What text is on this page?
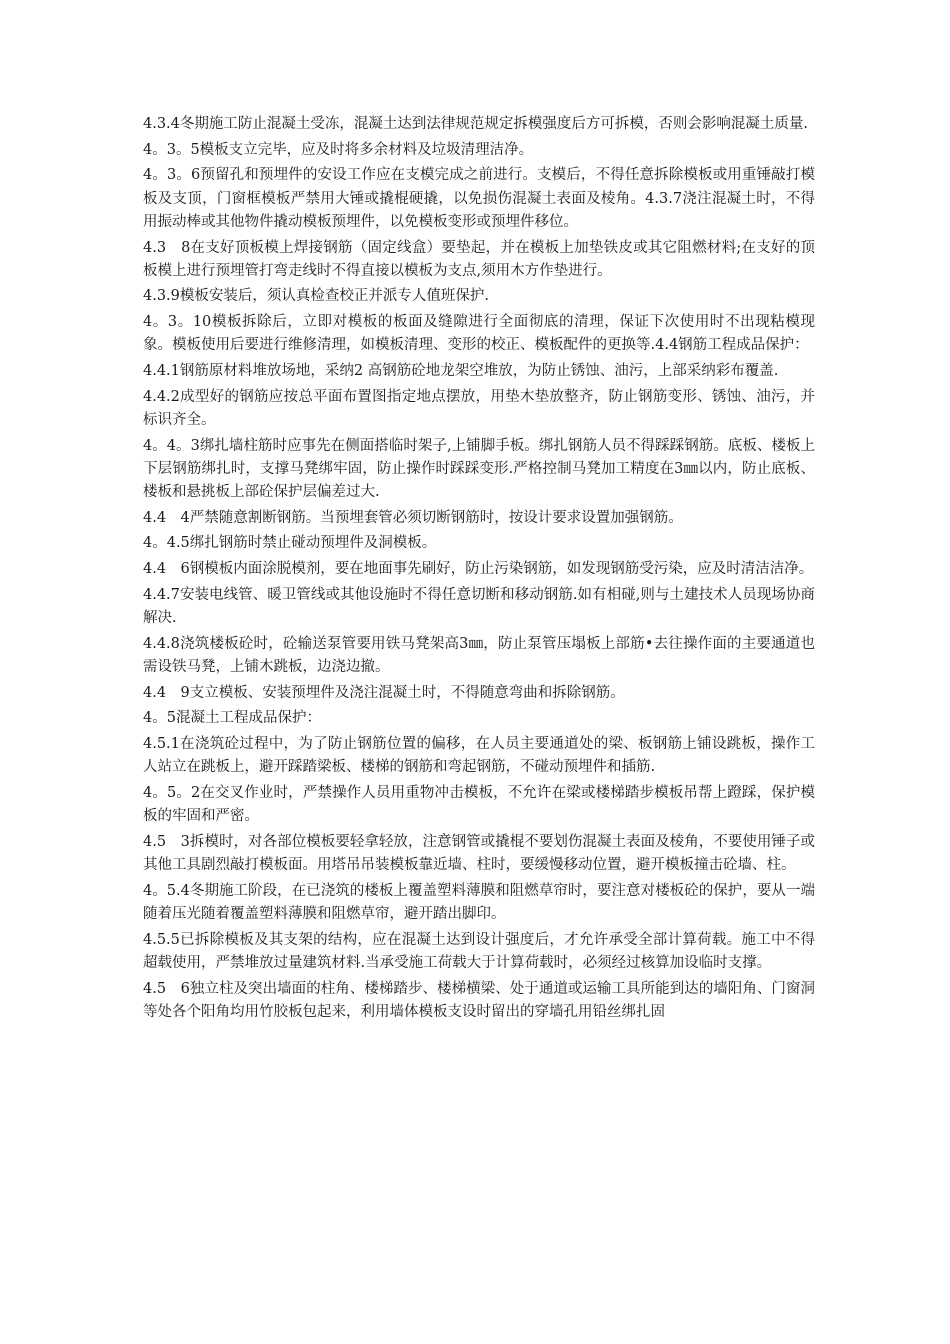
4.3.4冬期施工防止混凝土受冻，混凝土达到法律规范规定拆模强度后方可拆模，否则会影响混凝土质量.

4。3。5模板支立完毕，应及时将多余材料及垃圾清理洁净。

4。3。6预留孔和预埋件的安设工作应在支模完成之前进行。支模后，不得任意拆除模板或用重锤敲打模板及支顶，门窗框模板严禁用大锤或撬棍硬撬，以免损伤混凝土表面及棱角。4.3.7浇注混凝土时，不得用振动棒或其他物件撬动模板预埋件，以免模板变形或预埋件移位。

4.3　8在支好顶板模上焊接钢筋（固定线盒）要垫起，并在模板上加垫铁皮或其它阻燃材料;在支好的顶板模上进行预埋管打弯走线时不得直接以模板为支点,须用木方作垫进行。

4.3.9模板安装后，须认真检查校正并派专人值班保护.

4。3。10模板拆除后，立即对模板的板面及缝隙进行全面彻底的清理，保证下次使用时不出现粘模现象。模板使用后要进行维修清理，如模板清理、变形的校正、模板配件的更换等.4.4钢筋工程成品保护：

4.4.1钢筋原材料堆放场地，采纳2 高钢筋砼地龙架空堆放，为防止锈蚀、油污，上部采纳彩布覆盖.

4.4.2成型好的钢筋应按总平面布置图指定地点摆放，用垫木垫放整齐，防止钢筋变形、锈蚀、油污，并标识齐全。

4。4。3绑扎墙柱筋时应事先在侧面搭临时架子,上铺脚手板。绑扎钢筋人员不得踩踩钢筋。底板、楼板上下层钢筋绑扎时，支撑马凳绑牢固，防止操作时踩踩变形.严格控制马凳加工精度在3㎜以内，防止底板、楼板和悬挑板上部砼保护层偏差过大.

4.4　4严禁随意割断钢筋。当预埋套管必须切断钢筋时，按设计要求设置加强钢筋。

4。4.5绑扎钢筋时禁止碰动预埋件及洞模板。

4.4　6钢模板内面涂脱模剂，要在地面事先刷好，防止污染钢筋，如发现钢筋受污染，应及时清洁洁净。

4.4.7安装电线管、暖卫管线或其他设施时不得任意切断和移动钢筋.如有相碰,则与土建技术人员现场协商解决.

4.4.8浇筑楼板砼时，砼输送泵管要用铁马凳架高3㎜，防止泵管压塌板上部筋•去往操作面的主要通道也需设铁马凳，上铺木跳板，边浇边撤。

4.4　9支立模板、安装预埋件及浇注混凝土时，不得随意弯曲和拆除钢筋。

4。5混凝土工程成品保护：

4.5.1在浇筑砼过程中，为了防止钢筋位置的偏移，在人员主要通道处的梁、板钢筋上铺设跳板，操作工人站立在跳板上，避开踩踏梁板、楼梯的钢筋和弯起钢筋，不碰动预埋件和插筋.

4。5。2在交叉作业时，严禁操作人员用重物冲击模板，不允许在梁或楼梯踏步模板吊帮上蹬踩，保护模板的牢固和严密。

4.5　3拆模时，对各部位模板要轻拿轻放，注意钢管或撬棍不要划伤混凝土表面及棱角，不要使用锤子或其他工具剧烈敲打模板面。用塔吊吊装模板靠近墙、柱时，要缓慢移动位置，避开模板撞击砼墙、柱。

4。5.4冬期施工阶段，在已浇筑的楼板上覆盖塑料薄膜和阻燃草帘时，要注意对楼板砼的保护，要从一端随着压光随着覆盖塑料薄膜和阻燃草帘，避开踏出脚印。

4.5.5已拆除模板及其支架的结构，应在混凝土达到设计强度后，才允许承受全部计算荷载。施工中不得超载使用，严禁堆放过量建筑材料.当承受施工荷载大于计算荷载时，必须经过核算加设临时支撑。

4.5　6独立柱及突出墙面的柱角、楼梯踏步、楼梯横梁、处于通道或运输工具所能到达的墙阳角、门窗洞等处各个阳角均用竹胶板包起来，利用墙体模板支设时留出的穿墙孔用铅丝绑扎固
